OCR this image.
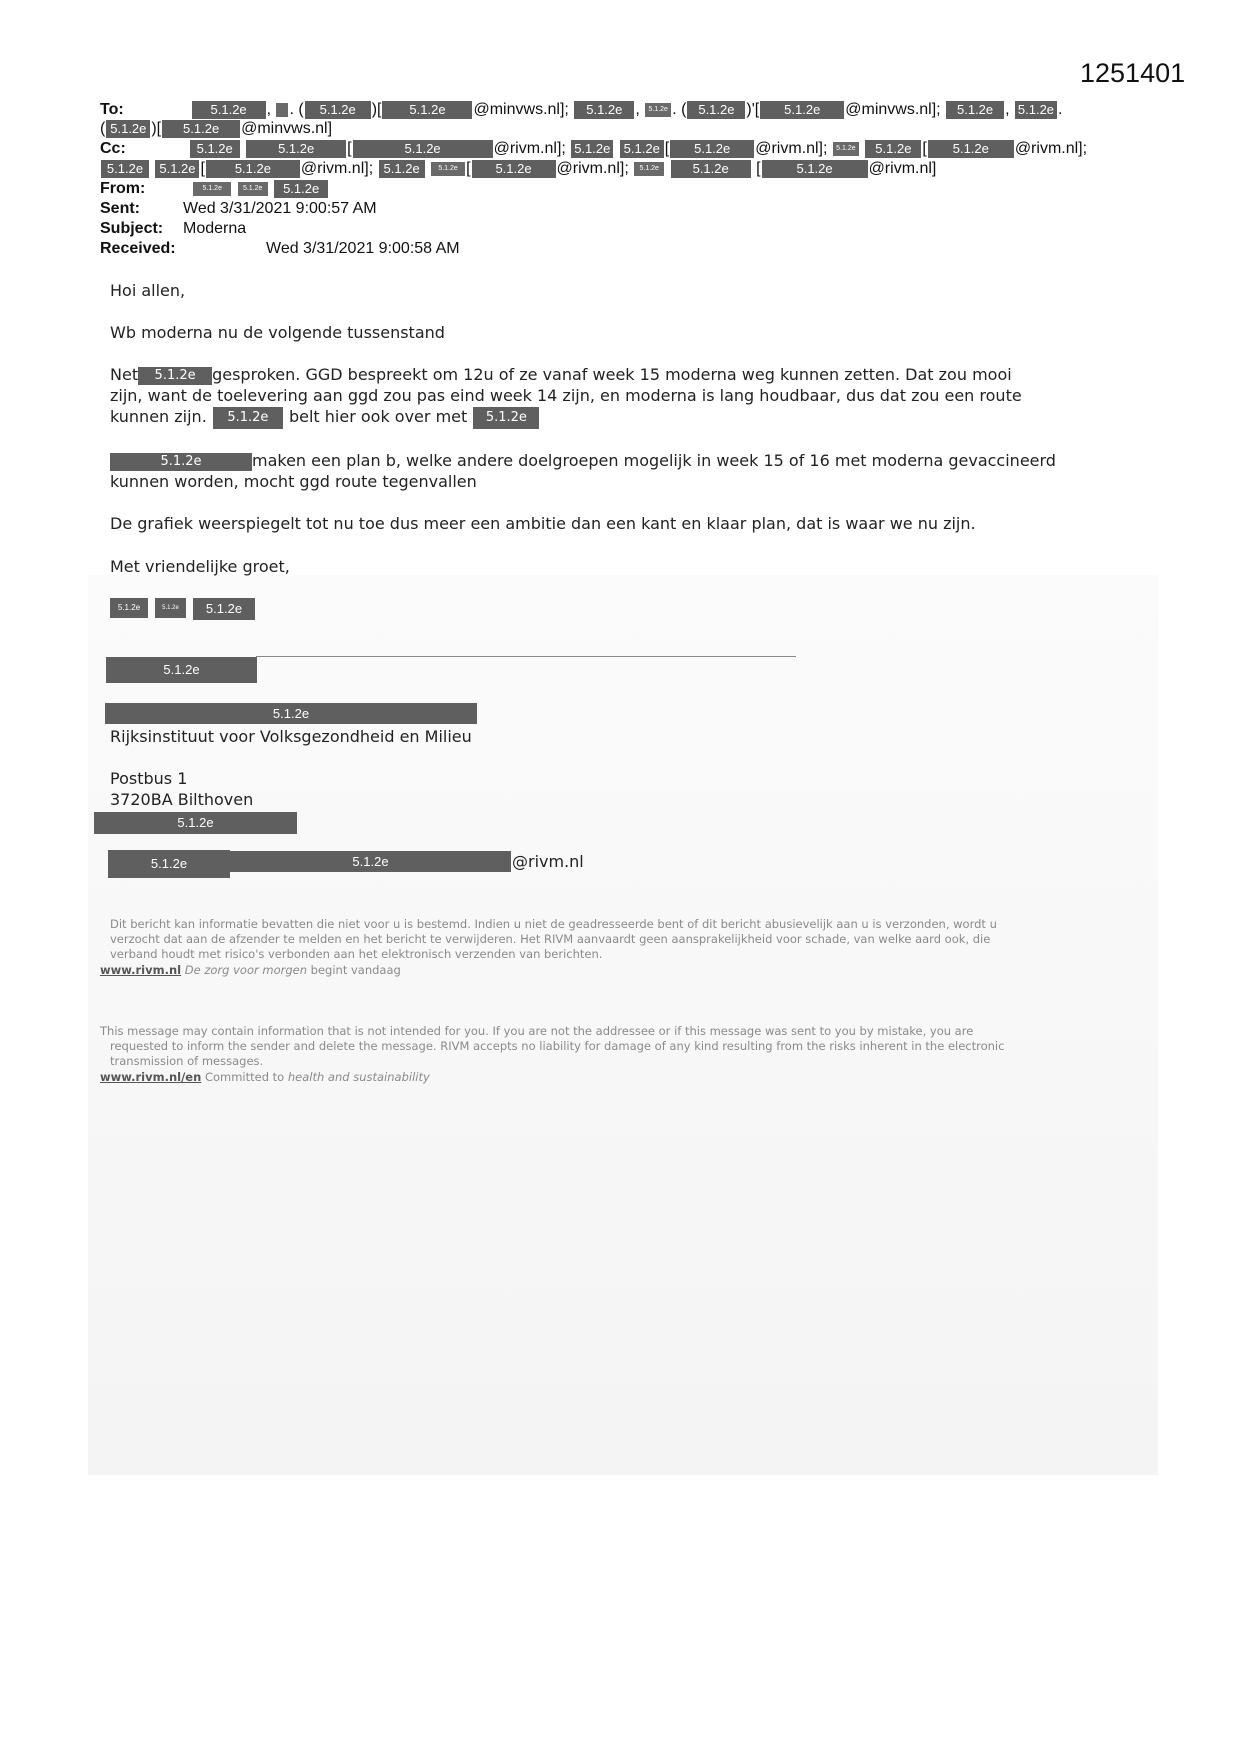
1251401
To:	5.1.2e , . ( 5.1.2e )[ 5.1.2e @minvws.nl]; 5.1.2e , 5.1.2e . ( 5.1.2e )'[ 5.1.2e @minvws.nl]; 5.1.2e , 5.1.2e .
( 5.1.2e )[ 5.1.2e @minvws.nl]
Cc:	5.1.2e	5.1.2e [	5.1.2e	@rivm.nl]; 5.1.2e 5.1.2e [ 5.1.2e @rivm.nl]; 5.1.2e 5.1.2e [ 5.1.2e @rivm.nl];
5.1.2e 5.1.2e [ 5.1.2e @rivm.nl]; 5.1.2e	5.1.2e [ 5.1.2e @rivm.nl]; 5.1.2e	5.1.2e [	5.1.2e @rivm.nl]
From:	5.1.2e	5.1.2e 5.1.2e
Sent:	Wed 3/31/2021 9:00:57 AM
Subject: Moderna
Received:	Wed 3/31/2021 9:00:58 AM
Hoi allen,
Wb moderna nu de volgende tussenstand
Net 5.1.2e gesproken. GGD bespreekt om 12u of ze vanaf week 15 moderna weg kunnen zetten. Dat zou mooi
zijn, want de toelevering aan ggd zou pas eind week 14 zijn, en moderna is lang houdbaar, dus dat zou een route
kunnen zijn. 5.1.2e belt hier ook over met 5.1.2e
5.1.2e	maken een plan b, welke andere doelgroepen mogelijk in week 15 of 16 met moderna gevaccineerd
kunnen worden, mocht ggd route tegenvallen
De grafiek weerspiegelt tot nu toe dus meer een ambitie dan een kant en klaar plan, dat is waar we nu zijn.
Met vriendelijke groet,
5.1.2e	5.1.2e	5.1.2e
5.1.2e
5.1.2e
Rijksinstituut voor Volksgezondheid en Milieu
Postbus 1
3720BA Bilthoven
5.1.2e
5.1.2e	5.1.2e	@rivm.nl
Dit bericht kan informatie bevatten die niet voor u is bestemd. Indien u niet de geadresseerde bent of dit bericht abusievelijk aan u is verzonden, wordt u
verzocht dat aan de afzender te melden en het bericht te verwijderen. Het RIVM aanvaardt geen aansprakelijkheid voor schade, van welke aard ook, die
verband houdt met risico's verbonden aan het elektronisch verzenden van berichten.
www.rivm.nl De zorg voor morgen begint vandaag
This message may contain information that is not intended for you. If you are not the addressee or if this message was sent to you by mistake, you are
requested to inform the sender and delete the message. RIVM accepts no liability for damage of any kind resulting from the risks inherent in the electronic
transmission of messages.
www.rivm.nl/en Committed to health and sustainability
